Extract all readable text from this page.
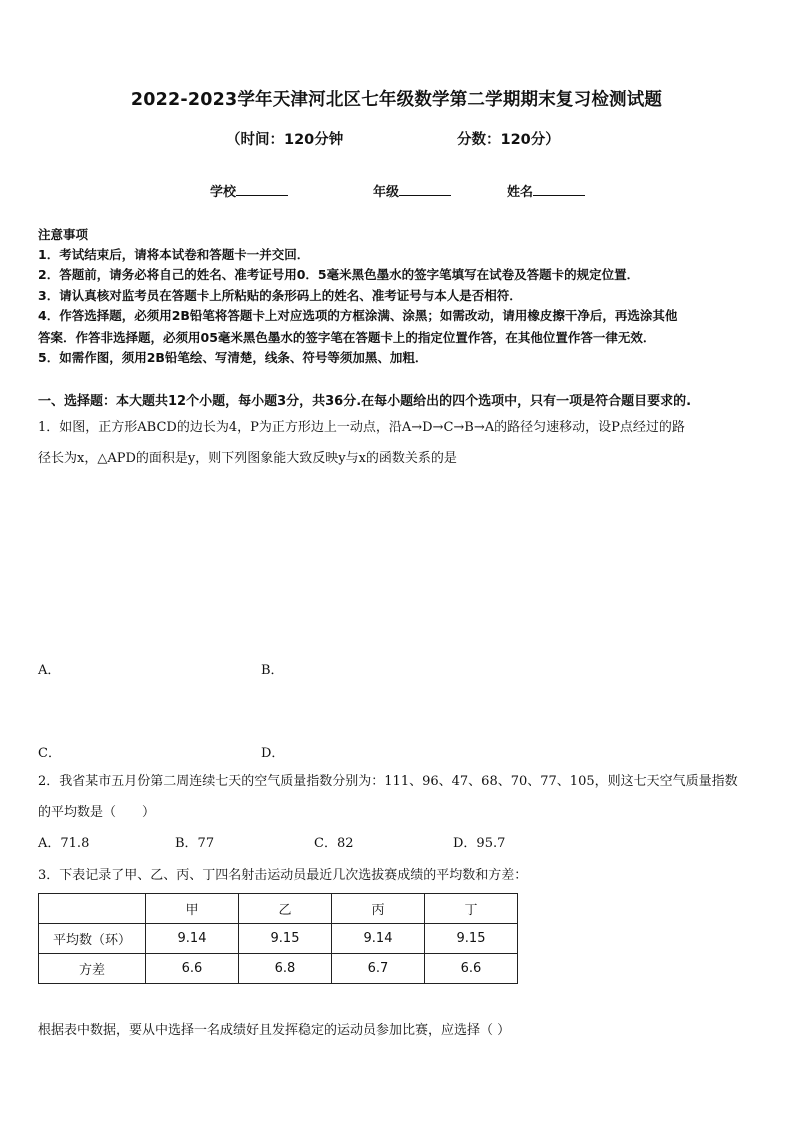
2022-2023学年天津河北区七年级数学第二学期期末复习检测试题
（时间：120分钟	分数：120分）
学校	年级	姓名
注意事项
1．考试结束后，请将本试卷和答题卡一并交回．
2．答题前，请务必将自己的姓名、准考证号用0．5毫米黑色墨水的签字笔填写在试卷及答题卡的规定位置．
3．请认真核对监考员在答题卡上所粘贴的条形码上的姓名、准考证号与本人是否相符．
4．作答选择题，必须用2B铅笔将答题卡上对应选项的方框涂满、涂黑；如需改动，请用橡皮擦干净后，再选涂其他
答案．作答非选择题，必须用05毫米黑色墨水的签字笔在答题卡上的指定位置作答，在其他位置作答一律无效．
5．如需作图，须用2B铅笔绘、写清楚，线条、符号等须加黑、加粗．
一、选择题：本大题共12个小题，每小题3分，共36分.在每小题给出的四个选项中，只有一项是符合题目要求的.
1．如图，正方形ABCD的边长为4，P为正方形边上一动点，沿A→D→C→B→A的路径匀速移动，设P点经过的路
径长为x，△APD的面积是y，则下列图象能大致反映y与x的函数关系的是
A．	B．
C．	D．
2．我省某市五月份第二周连续七天的空气质量指数分别为：111、96、47、68、70、77、105，则这七天空气质量指数
的平均数是（　　）
A．71.8	B．77	C．82	D．95.7
3．下表记录了甲、乙、丙、丁四名射击运动员最近几次选拔赛成绩的平均数和方差：
	甲	乙	丙	丁
平均数（环）	9.14	9.15	9.14	9.15
方差	6.6	6.8	6.7	6.6
根据表中数据，要从中选择一名成绩好且发挥稳定的运动员参加比赛，应选择（ ）
